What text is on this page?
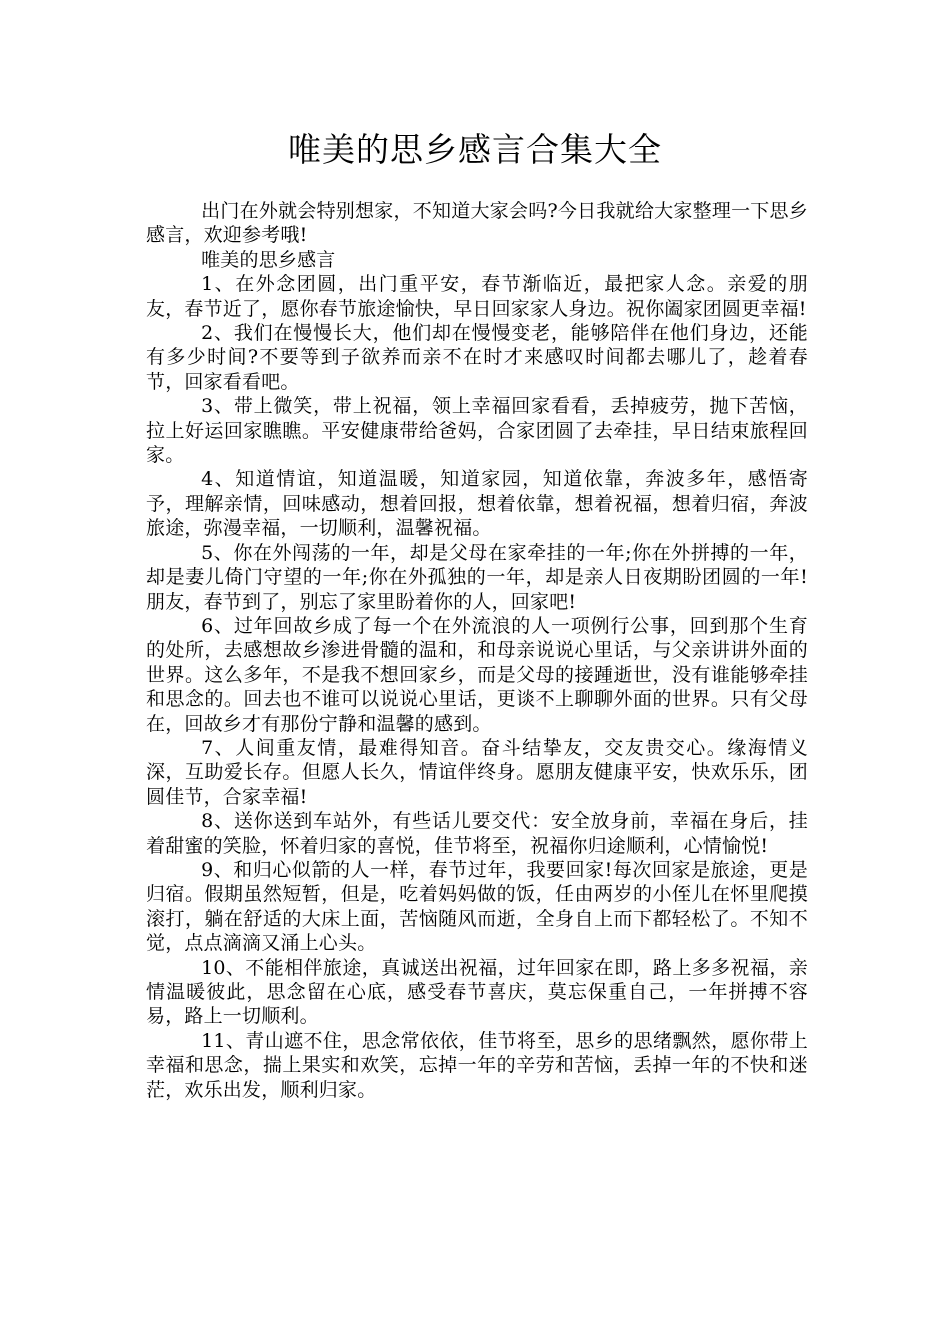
唯美的思乡感言合集大全

出门在外就会特别想家，不知道大家会吗?今日我就给大家整理一下思乡感言，欢迎参考哦!

唯美的思乡感言

1、在外念团圆，出门重平安，春节渐临近，最把家人念。亲爱的朋友，春节近了，愿你春节旅途愉快，早日回家家人身边。祝你阖家团圆更幸福!

2、我们在慢慢长大，他们却在慢慢变老，能够陪伴在他们身边，还能有多少时间?不要等到子欲养而亲不在时才来感叹时间都去哪儿了，趁着春节，回家看看吧。

3、带上微笑，带上祝福，领上幸福回家看看，丢掉疲劳，抛下苦恼，拉上好运回家瞧瞧。平安健康带给爸妈，合家团圆了去牵挂，早日结束旅程回家。

4、知道情谊，知道温暖，知道家园，知道依靠，奔波多年，感悟寄予，理解亲情，回味感动，想着回报，想着依靠，想着祝福，想着归宿，奔波旅途，弥漫幸福，一切顺利，温馨祝福。

5、你在外闯荡的一年，却是父母在家牵挂的一年;你在外拼搏的一年，却是妻儿倚门守望的一年;你在外孤独的一年，却是亲人日夜期盼团圆的一年!朋友，春节到了，别忘了家里盼着你的人，回家吧!

6、过年回故乡成了每一个在外流浪的人一项例行公事，回到那个生育的处所，去感想故乡渗进骨髓的温和，和母亲说说心里话，与父亲讲讲外面的世界。这么多年，不是我不想回家乡，而是父母的接踵逝世，没有谁能够牵挂和思念的。回去也不谁可以说说心里话，更谈不上聊聊外面的世界。只有父母在，回故乡才有那份宁静和温馨的感到。

7、人间重友情，最难得知音。奋斗结挚友，交友贵交心。缘海情义深，互助爱长存。但愿人长久，情谊伴终身。愿朋友健康平安，快欢乐乐，团圆佳节，合家幸福!

8、送你送到车站外，有些话儿要交代：安全放身前，幸福在身后，挂着甜蜜的笑脸，怀着归家的喜悦，佳节将至，祝福你归途顺利，心情愉悦!

9、和归心似箭的人一样，春节过年，我要回家!每次回家是旅途，更是归宿。假期虽然短暂，但是，吃着妈妈做的饭，任由两岁的小侄儿在怀里爬摸滚打，躺在舒适的大床上面，苦恼随风而逝，全身自上而下都轻松了。不知不觉，点点滴滴又涌上心头。

10、不能相伴旅途，真诚送出祝福，过年回家在即，路上多多祝福，亲情温暖彼此，思念留在心底，感受春节喜庆，莫忘保重自己，一年拼搏不容易，路上一切顺利。

11、青山遮不住，思念常依依，佳节将至，思乡的思绪飘然，愿你带上幸福和思念，揣上果实和欢笑，忘掉一年的辛劳和苦恼，丢掉一年的不快和迷茫，欢乐出发，顺利归家。
